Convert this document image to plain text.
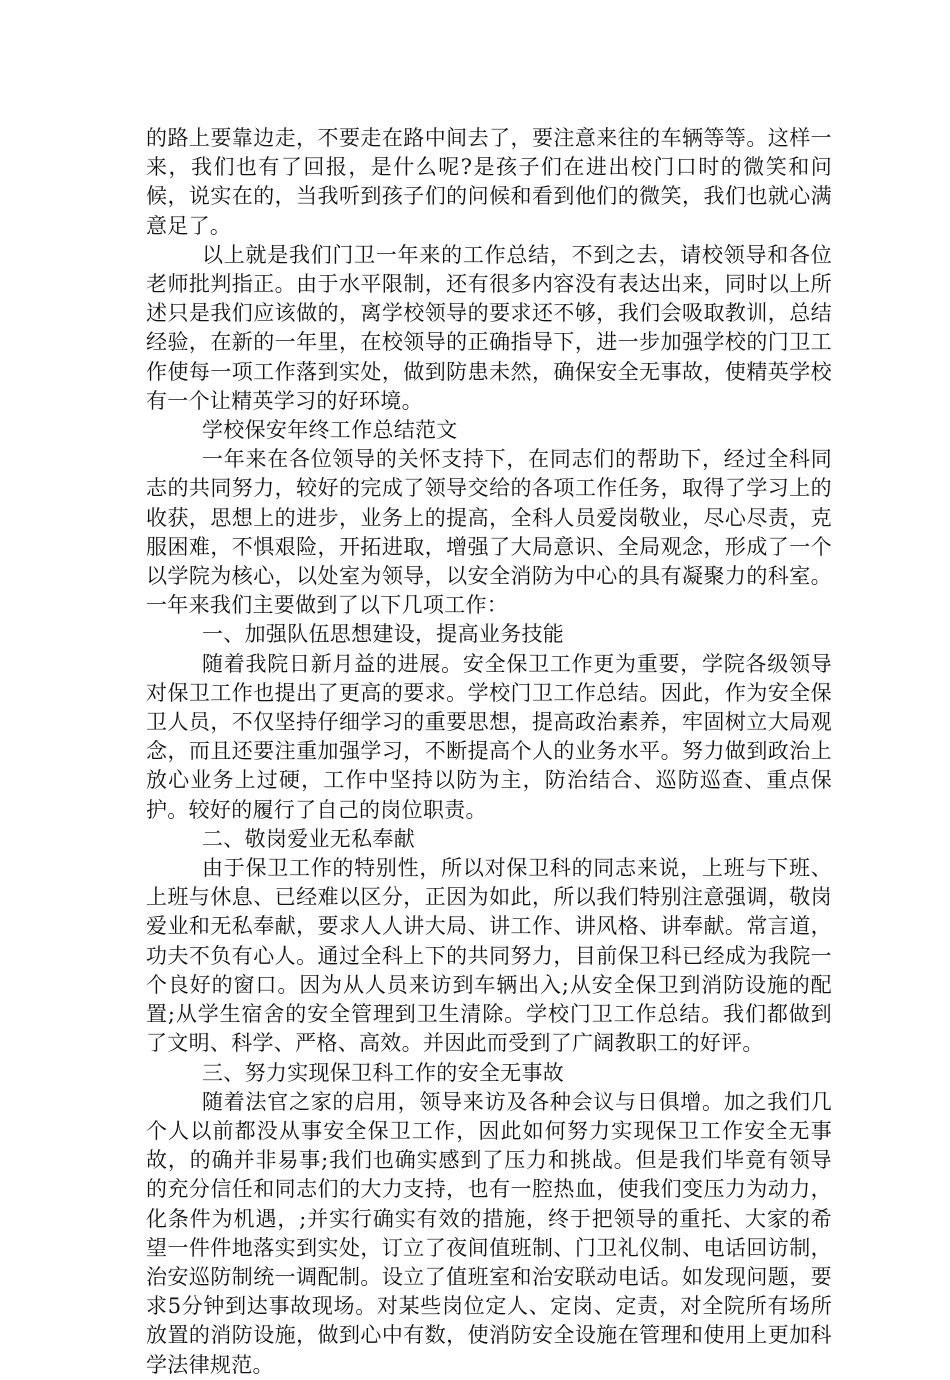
的路上要靠边走，不要走在路中间去了，要注意来往的车辆等等。这样一来，我们也有了回报，是什么呢?是孩子们在进出校门口时的微笑和问候，说实在的，当我听到孩子们的问候和看到他们的微笑，我们也就心满意足了。

以上就是我们门卫一年来的工作总结，不到之去，请校领导和各位老师批判指正。由于水平限制，还有很多内容没有表达出来，同时以上所述只是我们应该做的，离学校领导的要求还不够，我们会吸取教训，总结经验，在新的一年里，在校领导的正确指导下，进一步加强学校的门卫工作使每一项工作落到实处，做到防患未然，确保安全无事故，使精英学校有一个让精英学习的好环境。

学校保安年终工作总结范文

一年来在各位领导的关怀支持下，在同志们的帮助下，经过全科同志的共同努力，较好的完成了领导交给的各项工作任务，取得了学习上的收获，思想上的进步，业务上的提高，全科人员爱岗敬业，尽心尽责，克服困难，不惧艰险，开拓进取，增强了大局意识、全局观念，形成了一个以学院为核心，以处室为领导，以安全消防为中心的具有凝聚力的科室。一年来我们主要做到了以下几项工作：

一、加强队伍思想建设，提高业务技能

随着我院日新月益的进展。安全保卫工作更为重要，学院各级领导对保卫工作也提出了更高的要求。学校门卫工作总结。因此，作为安全保卫人员，不仅坚持仔细学习的重要思想，提高政治素养，牢固树立大局观念，而且还要注重加强学习，不断提高个人的业务水平。努力做到政治上放心业务上过硬，工作中坚持以防为主，防治结合、巡防巡查、重点保护。较好的履行了自己的岗位职责。

二、敬岗爱业无私奉献

由于保卫工作的特别性，所以对保卫科的同志来说，上班与下班、上班与休息、已经难以区分，正因为如此，所以我们特别注意强调，敬岗爱业和无私奉献，要求人人讲大局、讲工作、讲风格、讲奉献。常言道，功夫不负有心人。通过全科上下的共同努力，目前保卫科已经成为我院一个良好的窗口。因为从人员来访到车辆出入;从安全保卫到消防设施的配置;从学生宿舍的安全管理到卫生清除。学校门卫工作总结。我们都做到了文明、科学、严格、高效。并因此而受到了广阔教职工的好评。

三、努力实现保卫科工作的安全无事故

随着法官之家的启用，领导来访及各种会议与日俱增。加之我们几个人以前都没从事安全保卫工作，因此如何努力实现保卫工作安全无事故，的确并非易事;我们也确实感到了压力和挑战。但是我们毕竟有领导的充分信任和同志们的大力支持，也有一腔热血，使我们变压力为动力，化条件为机遇，;并实行确实有效的措施，终于把领导的重托、大家的希望一件件地落实到实处，订立了夜间值班制、门卫礼仪制、电话回访制，治安巡防制统一调配制。设立了值班室和治安联动电话。如发现问题，要求5分钟到达事故现场。对某些岗位定人、定岗、定责，对全院所有场所放置的消防设施，做到心中有数，使消防安全设施在管理和使用上更加科学法律规范。
